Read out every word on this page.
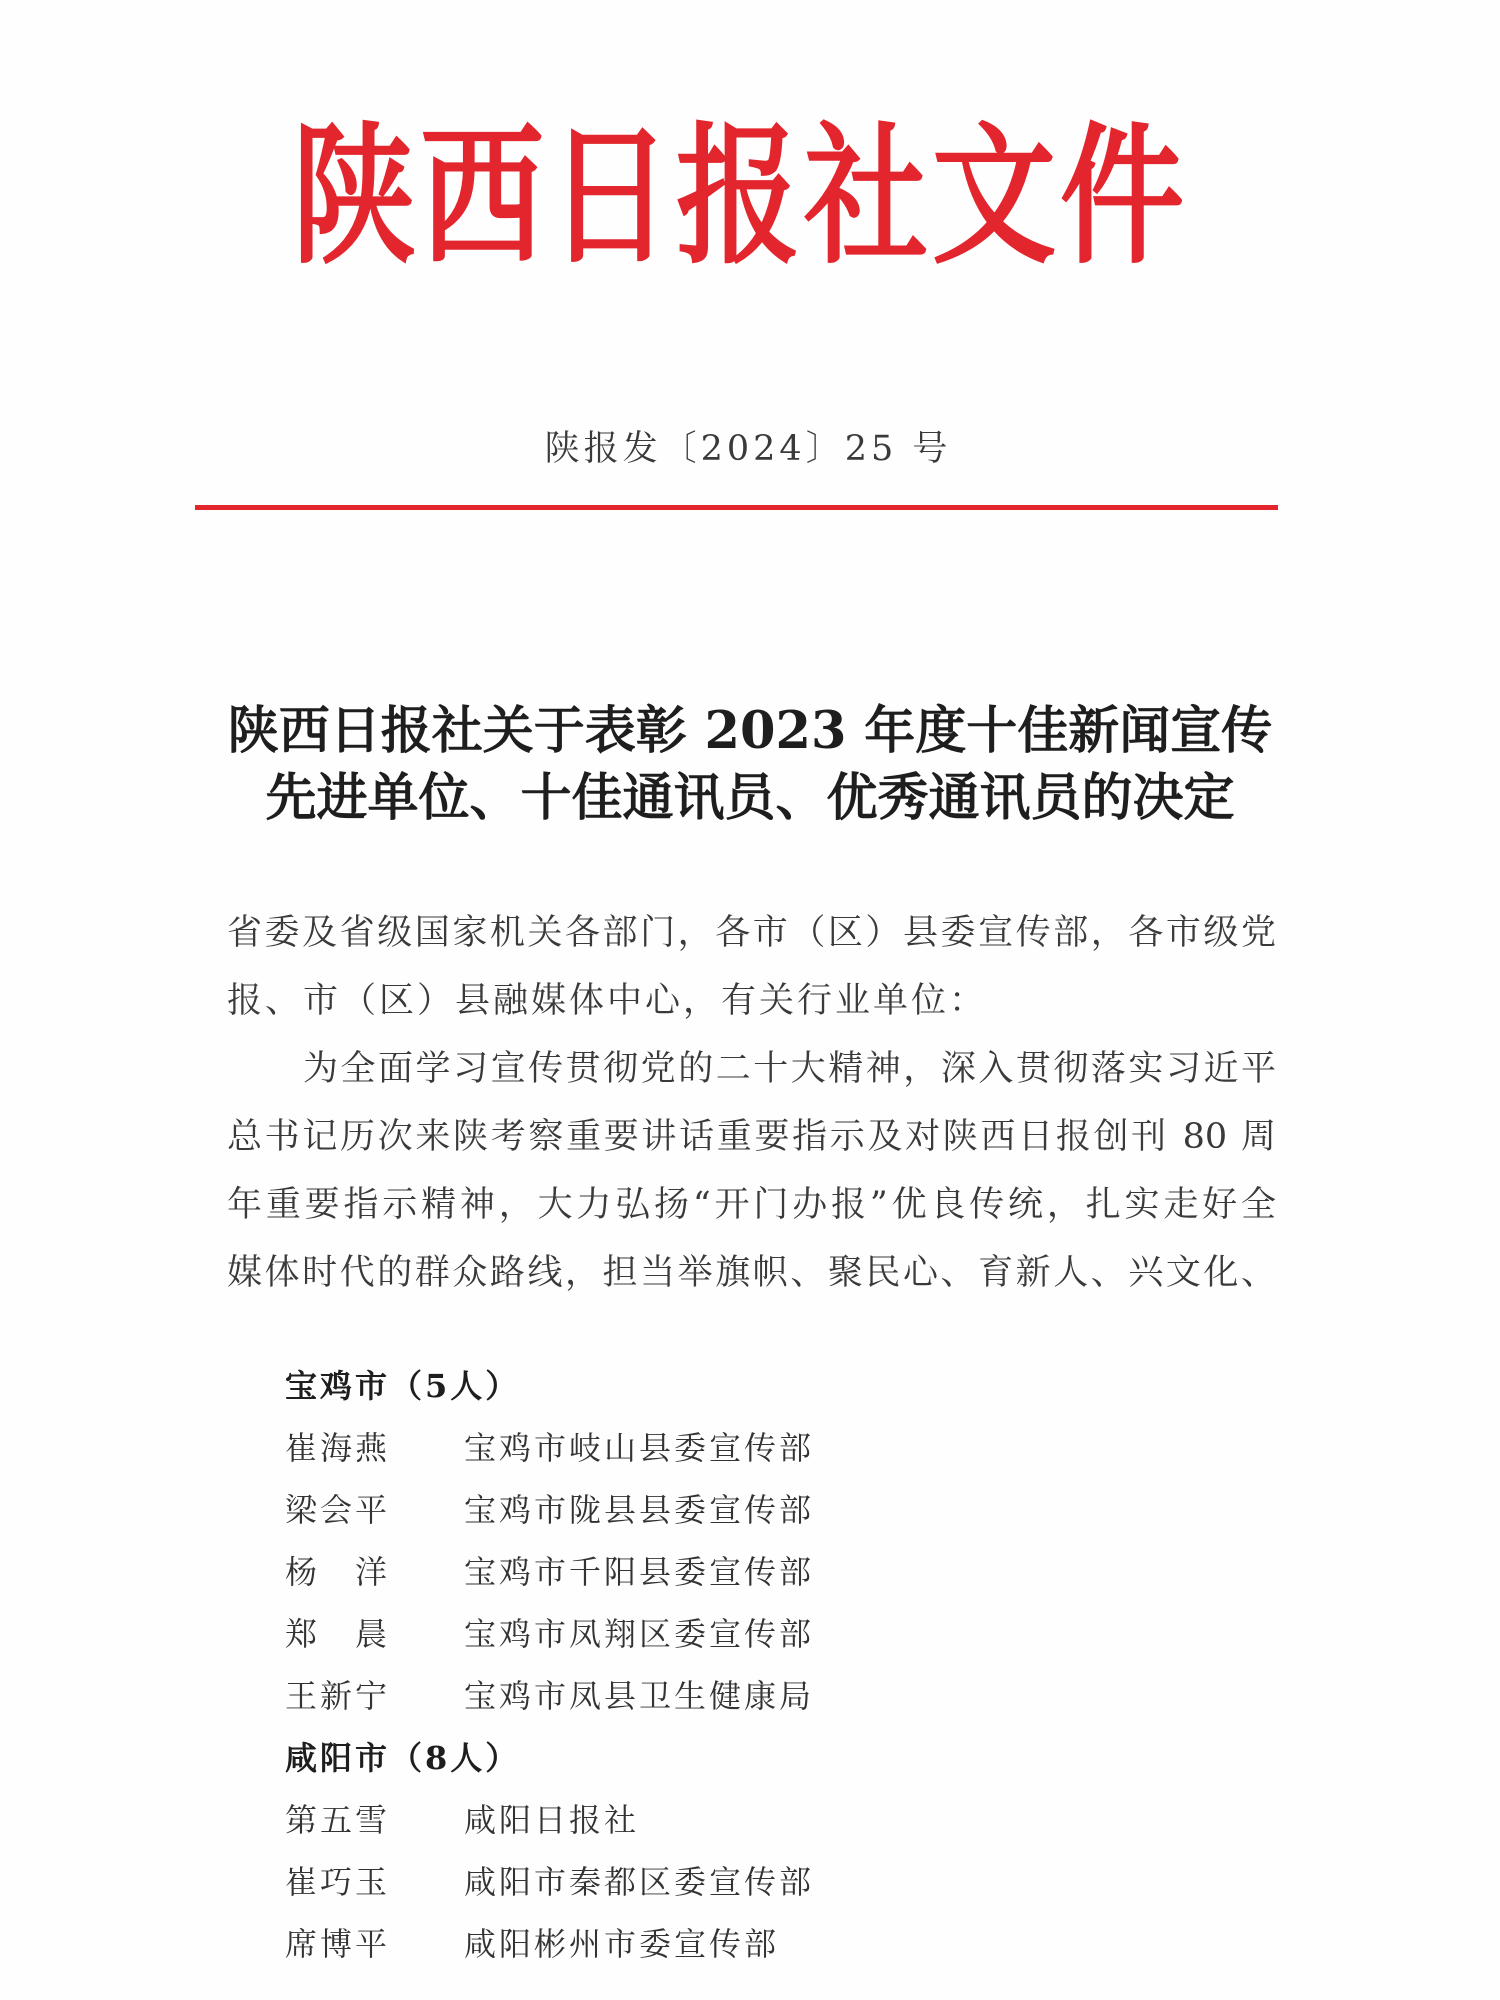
陕西日报社文件
陕报发〔2024〕25 号
陕西日报社关于表彰 2023 年度十佳新闻宣传
先进单位、十佳通讯员、优秀通讯员的决定
省委及省级国家机关各部门，各市（区）县委宣传部，各市级党
报、市（区）县融媒体中心，有关行业单位：
为全面学习宣传贯彻党的二十大精神，深入贯彻落实习近平
总书记历次来陕考察重要讲话重要指示及对陕西日报创刊 80 周
年重要指示精神，大力弘扬“开门办报”优良传统，扎实走好全
媒体时代的群众路线，担当举旗帜、聚民心、育新人、兴文化、
宝鸡市（5人）
崔海燕 宝鸡市岐山县委宣传部
梁会平 宝鸡市陇县县委宣传部
杨　洋 宝鸡市千阳县委宣传部
郑　晨 宝鸡市凤翔区委宣传部
王新宁 宝鸡市凤县卫生健康局
咸阳市（8人）
第五雪 咸阳日报社
崔巧玉 咸阳市秦都区委宣传部
席博平 咸阳彬州市委宣传部
